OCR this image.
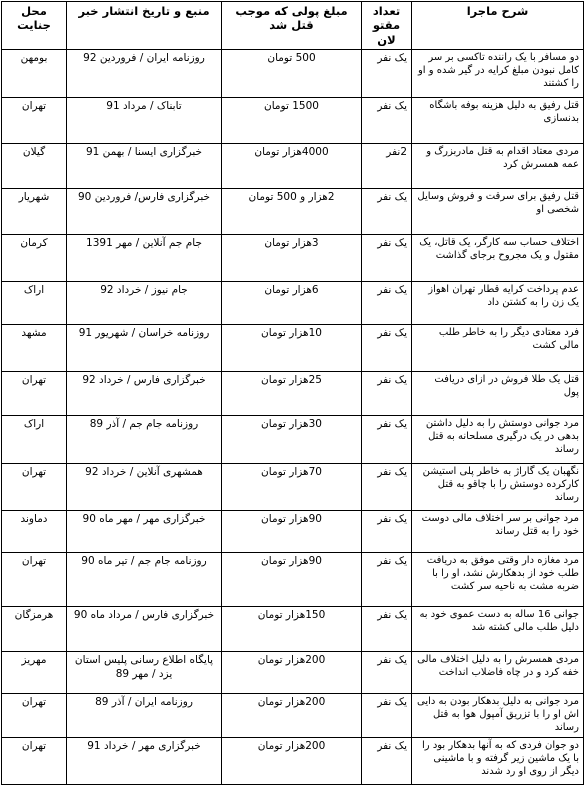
شرح ماجرا	تعداد مقتو لان	مبلغ پولی که موجب قتل شد	منبع و تاریخ انتشار خبر	محل جنایت
دو مسافر با یک راننده تاکسی بر سر کامل نبودن مبلغ کرایه در گیر شده و او را کشتند	یک نفر	500 تومان	روزنامه ایران / فروردین 92	بومهن
قتل رفیق به دلیل هزینه بوفه باشگاه بدنسازی	یک نفر	1500 تومان	تابناک / مرداد 91	تهران
مردی معتاد اقدام به قتل مادربزرگ و عمه همسرش کرد	2نفر	4000هزار تومان	خبرگزاری ایسنا / بهمن 91	گیلان
قتل رفیق برای سرقت و فروش وسایل شخصی او	یک نفر	2هزار و 500 تومان	خبرگزاری فارس/ فروردین 90	شهریار
اختلاف حساب سه کارگر، یک قاتل، یک مقتول و یک مجروح برجای گذاشت	یک نفر	3هزار تومان	جام جم آنلاین / مهر 1391	کرمان
عدم پرداخت کرایه قطار تهران اهواز یک زن را به کشتن داد	یک نفر	6هزار تومان	جام نیوز / خرداد 92	اراک
فرد معتادی دیگر را به خاطر طلب مالی کشت	یک نفر	10هزار تومان	روزنامه خراسان / شهریور 91	مشهد
قتل یک طلا فروش در ازای دریافت پول	یک نفر	25هزار تومان	خبرگزاری فارس / خرداد 92	تهران
مرد جوانی دوستش را به دلیل داشتن بدهی در یک درگیری مسلحانه به قتل رساند	یک نفر	30هزار تومان	روزنامه جام جم / آذر 89	اراک
نگهبان یک گاراژ به خاطر پلی استیشن کارکرده دوستش را با چاقو به قتل رساند	یک نفر	70هزار تومان	همشهری آنلاین / خرداد 92	تهران
مرد جوانی بر سر اختلاف مالی دوست خود را به قتل رساند	یک نفر	90هزار تومان	خبرگزاری مهر / مهر ماه 90	دماوند
مرد مغازه دار وقتی موفق به دریافت طلب خود از بدهکارش نشد، او را با ضربه مشت به ناحیه سر کشت	یک نفر	90هزار تومان	روزنامه جام جم / تیر ماه 90	تهران
جوانی 16 ساله به دست عموی خود به دلیل طلب مالی کشته شد	یک نفر	150هزار تومان	خبرگزاری فارس / مرداد ماه 90	هرمزگان
مردی همسرش را به دلیل اختلاف مالی خفه کرد و در چاه فاضلاب انداخت	یک نفر	200هزار تومان	پایگاه اطلاع رسانی پلیس استان یزد / مهر 89	مهریز
مرد جوانی به دلیل بدهکار بودن به دایی اش او را با تزریق آمپول هوا به قتل رساند	یک نفر	200هزار تومان	روزنامه ایران / آذر 89	تهران
دو جوان فردی که به آنها بدهکار بود را با یک ماشین زیر گرفته و با ماشینی دیگر از روی او رد شدند	یک نفر	200هزار تومان	خبرگزاری مهر / خرداد 91	تهران
